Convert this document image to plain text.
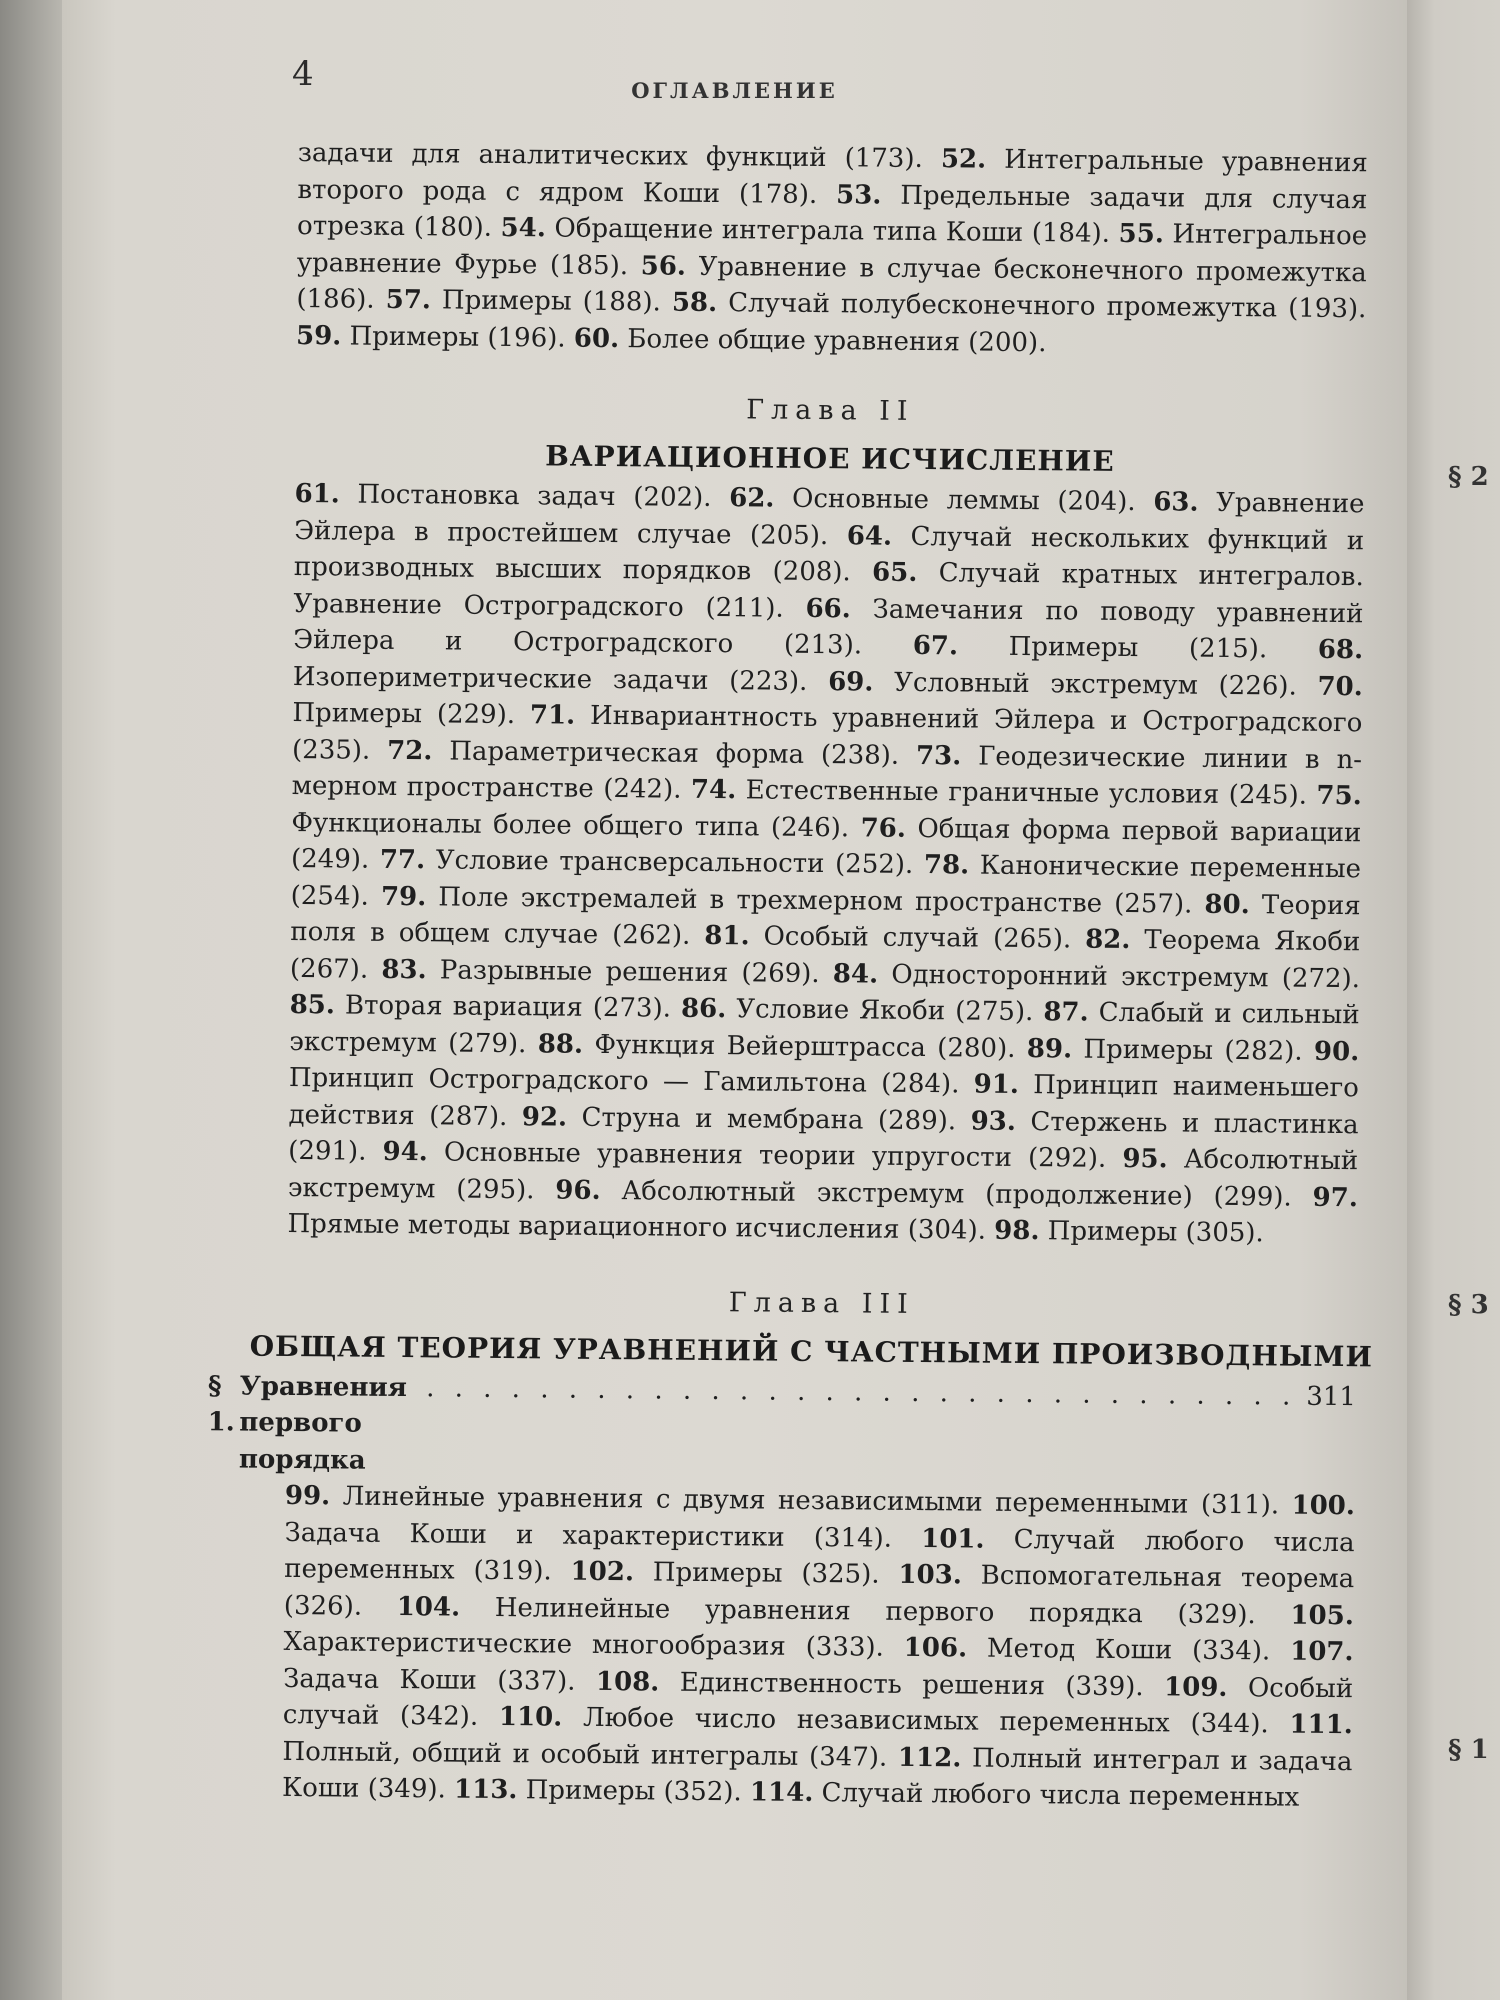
4	ОГЛАВЛЕНИЕ

задачи для аналитических функций (173). 52. Интегральные уравнения второго рода с ядром Коши (178). 53. Предельные задачи для случая отрезка (180). 54. Обращение интеграла типа Коши (184). 55. Интегральное уравнение Фурье (185). 56. Уравнение в случае бесконечного промежутка (186). 57. Примеры (188). 58. Случай полубесконечного промежутка (193). 59. Примеры (196). 60. Более общие уравнения (200).

Глава II
ВАРИАЦИОННОЕ ИСЧИСЛЕНИЕ

61. Постановка задач (202). 62. Основные леммы (204). 63. Уравнение Эйлера в простейшем случае (205). 64. Случай нескольких функций и производных высших порядков (208). 65. Случай кратных интегралов. Уравнение Остроградского (211). 66. Замечания по поводу уравнений Эйлера и Остроградского (213). 67. Примеры (215). 68. Изопериметрические задачи (223). 69. Условный экстремум (226). 70. Примеры (229). 71. Инвариантность уравнений Эйлера и Остроградского (235). 72. Параметрическая форма (238). 73. Геодезические линии в n-мерном пространстве (242). 74. Естественные граничные условия (245). 75. Функционалы более общего типа (246). 76. Общая форма первой вариации (249). 77. Условие трансверсальности (252). 78. Канонические переменные (254). 79. Поле экстремалей в трехмерном пространстве (257). 80. Теория поля в общем случае (262). 81. Особый случай (265). 82. Теорема Якоби (267). 83. Разрывные решения (269). 84. Односторонний экстремум (272). 85. Вторая вариация (273). 86. Условие Якоби (275). 87. Слабый и сильный экстремум (279). 88. Функция Вейерштрасса (280). 89. Примеры (282). 90. Принцип Остроградского — Гамильтона (284). 91. Принцип наименьшего действия (287). 92. Струна и мембрана (289). 93. Стержень и пластинка (291). 94. Основные уравнения теории упругости (292). 95. Абсолютный экстремум (295). 96. Абсолютный экстремум (продолжение) (299). 97. Прямые методы вариационного исчисления (304). 98. Примеры (305).

Глава III
ОБЩАЯ ТЕОРИЯ УРАВНЕНИЙ С ЧАСТНЫМИ ПРОИЗВОДНЫМИ
§ 1.
Уравнения первого порядка
. . . . . . . . . . . . . . . . . . . . . . . . . . . . . . . 311

99. Линейные уравнения с двумя независимыми переменными (311). 100. Задача Коши и характеристики (314). 101. Случай любого числа переменных (319). 102. Примеры (325). 103. Вспомогательная теорема (326). 104. Нелинейные уравнения первого порядка (329). 105. Характеристические многообразия (333). 106. Метод Коши (334). 107. Задача Коши (337). 108. Единственность решения (339). 109. Особый случай (342). 110. Любое число независимых переменных (344). 111. Полный, общий и особый интегралы (347). 112. Полный интеграл и задача Коши (349). 113. Примеры (352). 114. Случай любого числа переменных

§ 2
§ 3
§ 1
